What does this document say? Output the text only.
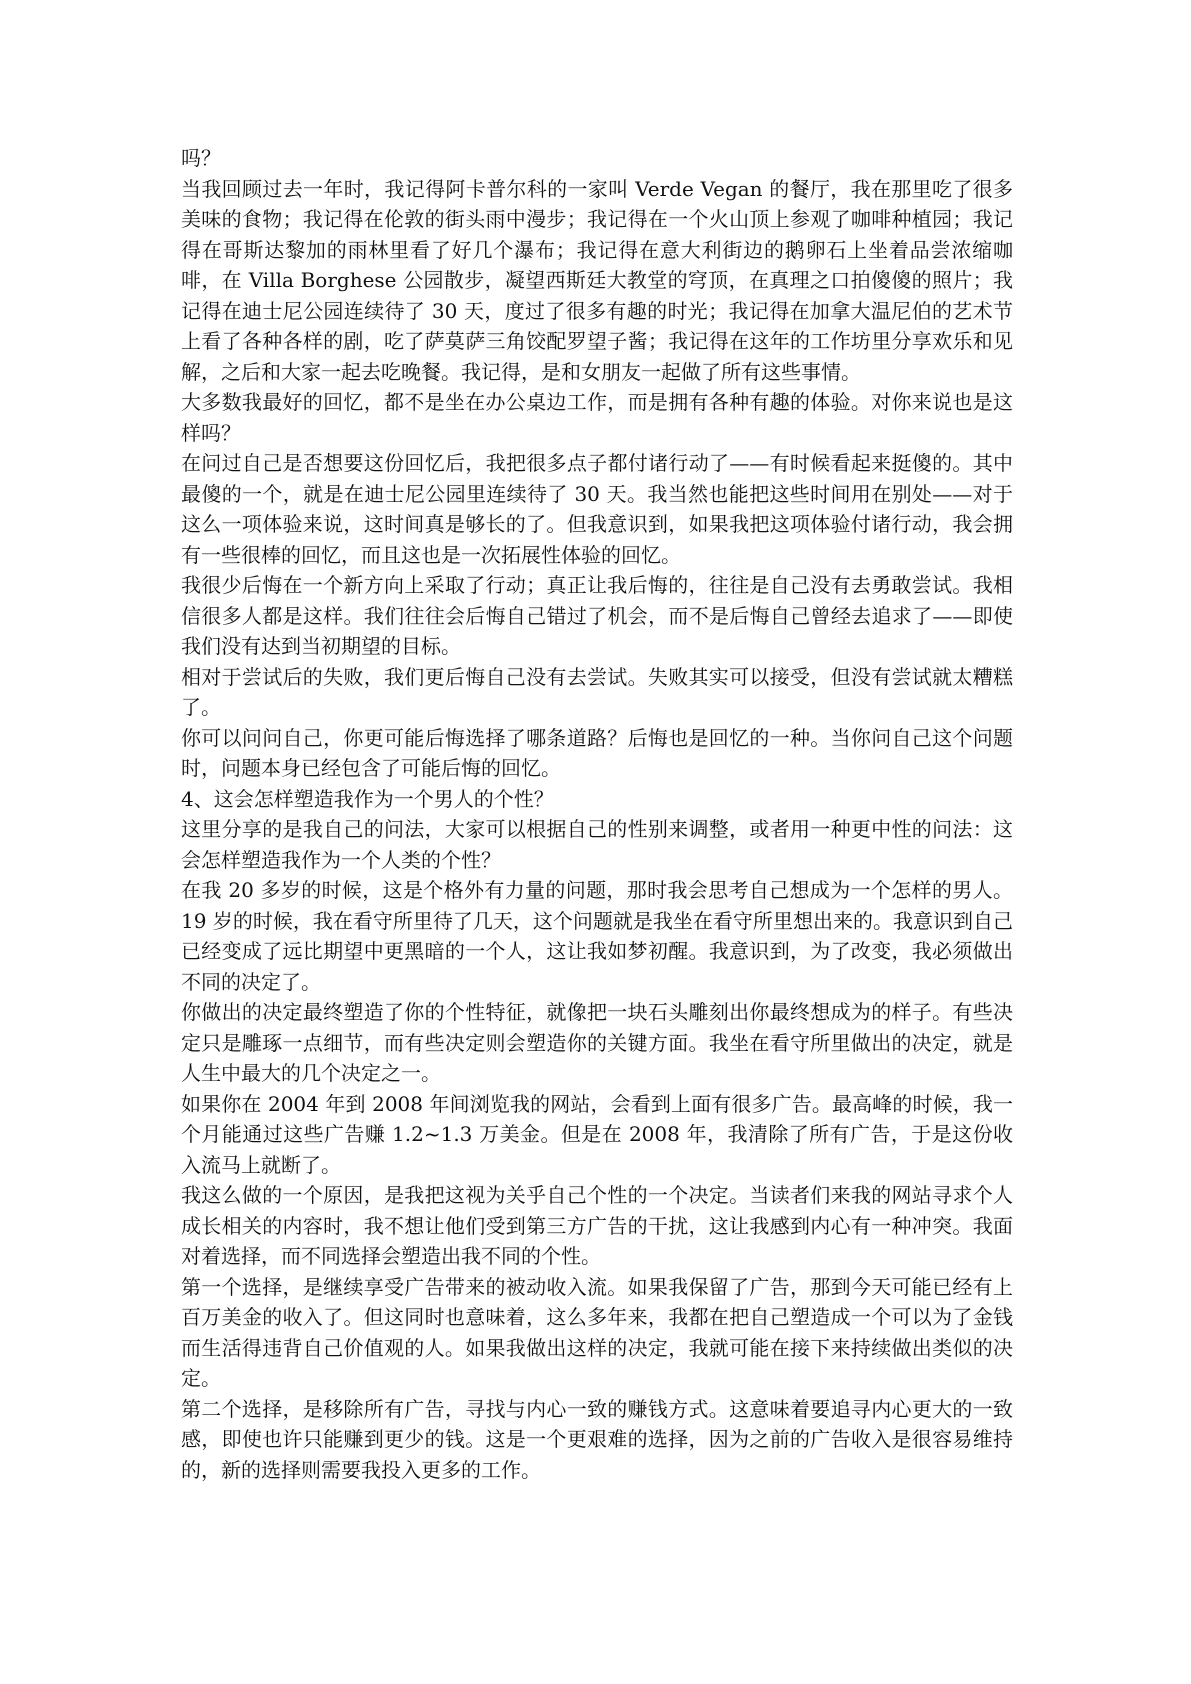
吗？

当我回顾过去一年时，我记得阿卡普尔科的一家叫 Verde Vegan 的餐厅，我在那里吃了很多美味的食物；我记得在伦敦的街头雨中漫步；我记得在一个火山顶上参观了咖啡种植园；我记得在哥斯达黎加的雨林里看了好几个瀑布；我记得在意大利街边的鹅卵石上坐着品尝浓缩咖啡，在 Villa Borghese 公园散步，凝望西斯廷大教堂的穹顶，在真理之口拍傻傻的照片；我记得在迪士尼公园连续待了 30 天，度过了很多有趣的时光；我记得在加拿大温尼伯的艺术节上看了各种各样的剧，吃了萨莫萨三角饺配罗望子酱；我记得在这年的工作坊里分享欢乐和见解，之后和大家一起去吃晚餐。我记得，是和女朋友一起做了所有这些事情。

大多数我最好的回忆，都不是坐在办公桌边工作，而是拥有各种有趣的体验。对你来说也是这样吗？

在问过自己是否想要这份回忆后，我把很多点子都付诸行动了——有时候看起来挺傻的。其中最傻的一个，就是在迪士尼公园里连续待了 30 天。我当然也能把这些时间用在别处——对于这么一项体验来说，这时间真是够长的了。但我意识到，如果我把这项体验付诸行动，我会拥有一些很棒的回忆，而且这也是一次拓展性体验的回忆。

我很少后悔在一个新方向上采取了行动；真正让我后悔的，往往是自己没有去勇敢尝试。我相信很多人都是这样。我们往往会后悔自己错过了机会，而不是后悔自己曾经去追求了——即使我们没有达到当初期望的目标。

相对于尝试后的失败，我们更后悔自己没有去尝试。失败其实可以接受，但没有尝试就太糟糕了。

你可以问问自己，你更可能后悔选择了哪条道路？后悔也是回忆的一种。当你问自己这个问题时，问题本身已经包含了可能后悔的回忆。

4、这会怎样塑造我作为一个男人的个性？

这里分享的是我自己的问法，大家可以根据自己的性别来调整，或者用一种更中性的问法：这会怎样塑造我作为一个人类的个性？

在我 20 多岁的时候，这是个格外有力量的问题，那时我会思考自己想成为一个怎样的男人。19 岁的时候，我在看守所里待了几天，这个问题就是我坐在看守所里想出来的。我意识到自己已经变成了远比期望中更黑暗的一个人，这让我如梦初醒。我意识到，为了改变，我必须做出不同的决定了。

你做出的决定最终塑造了你的个性特征，就像把一块石头雕刻出你最终想成为的样子。有些决定只是雕琢一点细节，而有些决定则会塑造你的关键方面。我坐在看守所里做出的决定，就是人生中最大的几个决定之一。

如果你在 2004 年到 2008 年间浏览我的网站，会看到上面有很多广告。最高峰的时候，我一个月能通过这些广告赚 1.2~1.3 万美金。但是在 2008 年，我清除了所有广告，于是这份收入流马上就断了。

我这么做的一个原因，是我把这视为关乎自己个性的一个决定。当读者们来我的网站寻求个人成长相关的内容时，我不想让他们受到第三方广告的干扰，这让我感到内心有一种冲突。我面对着选择，而不同选择会塑造出我不同的个性。

第一个选择，是继续享受广告带来的被动收入流。如果我保留了广告，那到今天可能已经有上百万美金的收入了。但这同时也意味着，这么多年来，我都在把自己塑造成一个可以为了金钱而生活得违背自己价值观的人。如果我做出这样的决定，我就可能在接下来持续做出类似的决定。

第二个选择，是移除所有广告，寻找与内心一致的赚钱方式。这意味着要追寻内心更大的一致感，即使也许只能赚到更少的钱。这是一个更艰难的选择，因为之前的广告收入是很容易维持的，新的选择则需要我投入更多的工作。
